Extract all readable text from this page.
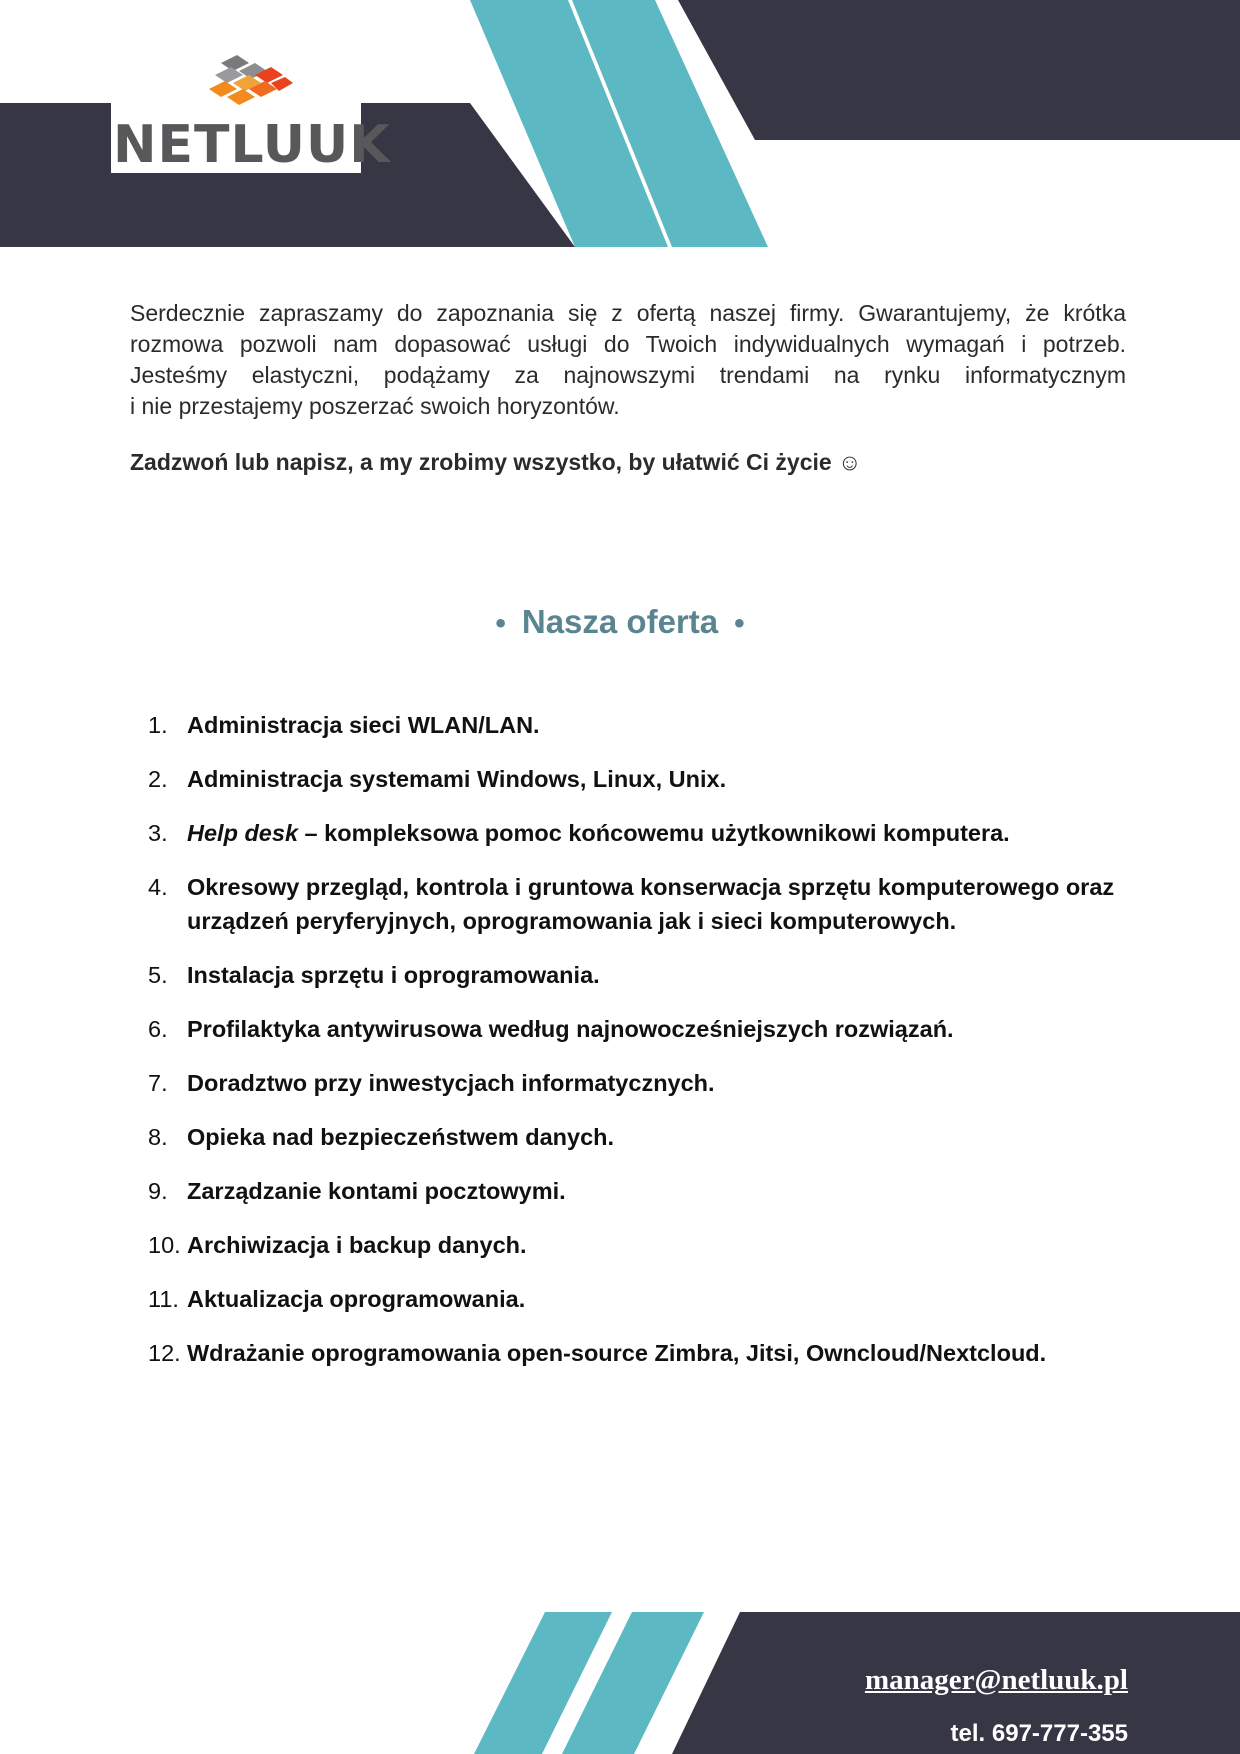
NETLUUK

Serdecznie zapraszamy do zapoznania się z ofertą naszej firmy. Gwarantujemy, że krótka
rozmowa pozwoli nam dopasować usługi do Twoich indywidualnych wymagań i potrzeb.
Jesteśmy elastyczni, podążamy za najnowszymi trendami na rynku informatycznym
i nie przestajemy poszerzać swoich horyzontów.

Zadzwoń lub napisz, a my zrobimy wszystko, by ułatwić Ci życie ☺
• Nasza oferta •
1. Administracja sieci WLAN/LAN.
2. Administracja systemami Windows, Linux, Unix.
3. Help desk – kompleksowa pomoc końcowemu użytkownikowi komputera.
4. Okresowy przegląd, kontrola i gruntowa konserwacja sprzętu komputerowego oraz urządzeń peryferyjnych, oprogramowania jak i sieci komputerowych.
5. Instalacja sprzętu i oprogramowania.
6. Profilaktyka antywirusowa według najnowocześniejszych rozwiązań.
7. Doradztwo przy inwestycjach informatycznych.
8. Opieka nad bezpieczeństwem danych.
9. Zarządzanie kontami pocztowymi.
10. Archiwizacja i backup danych.
11. Aktualizacja oprogramowania.
12. Wdrażanie oprogramowania open-source Zimbra, Jitsi, Owncloud/Nextcloud.
manager@netluuk.pl
tel. 697-777-355
